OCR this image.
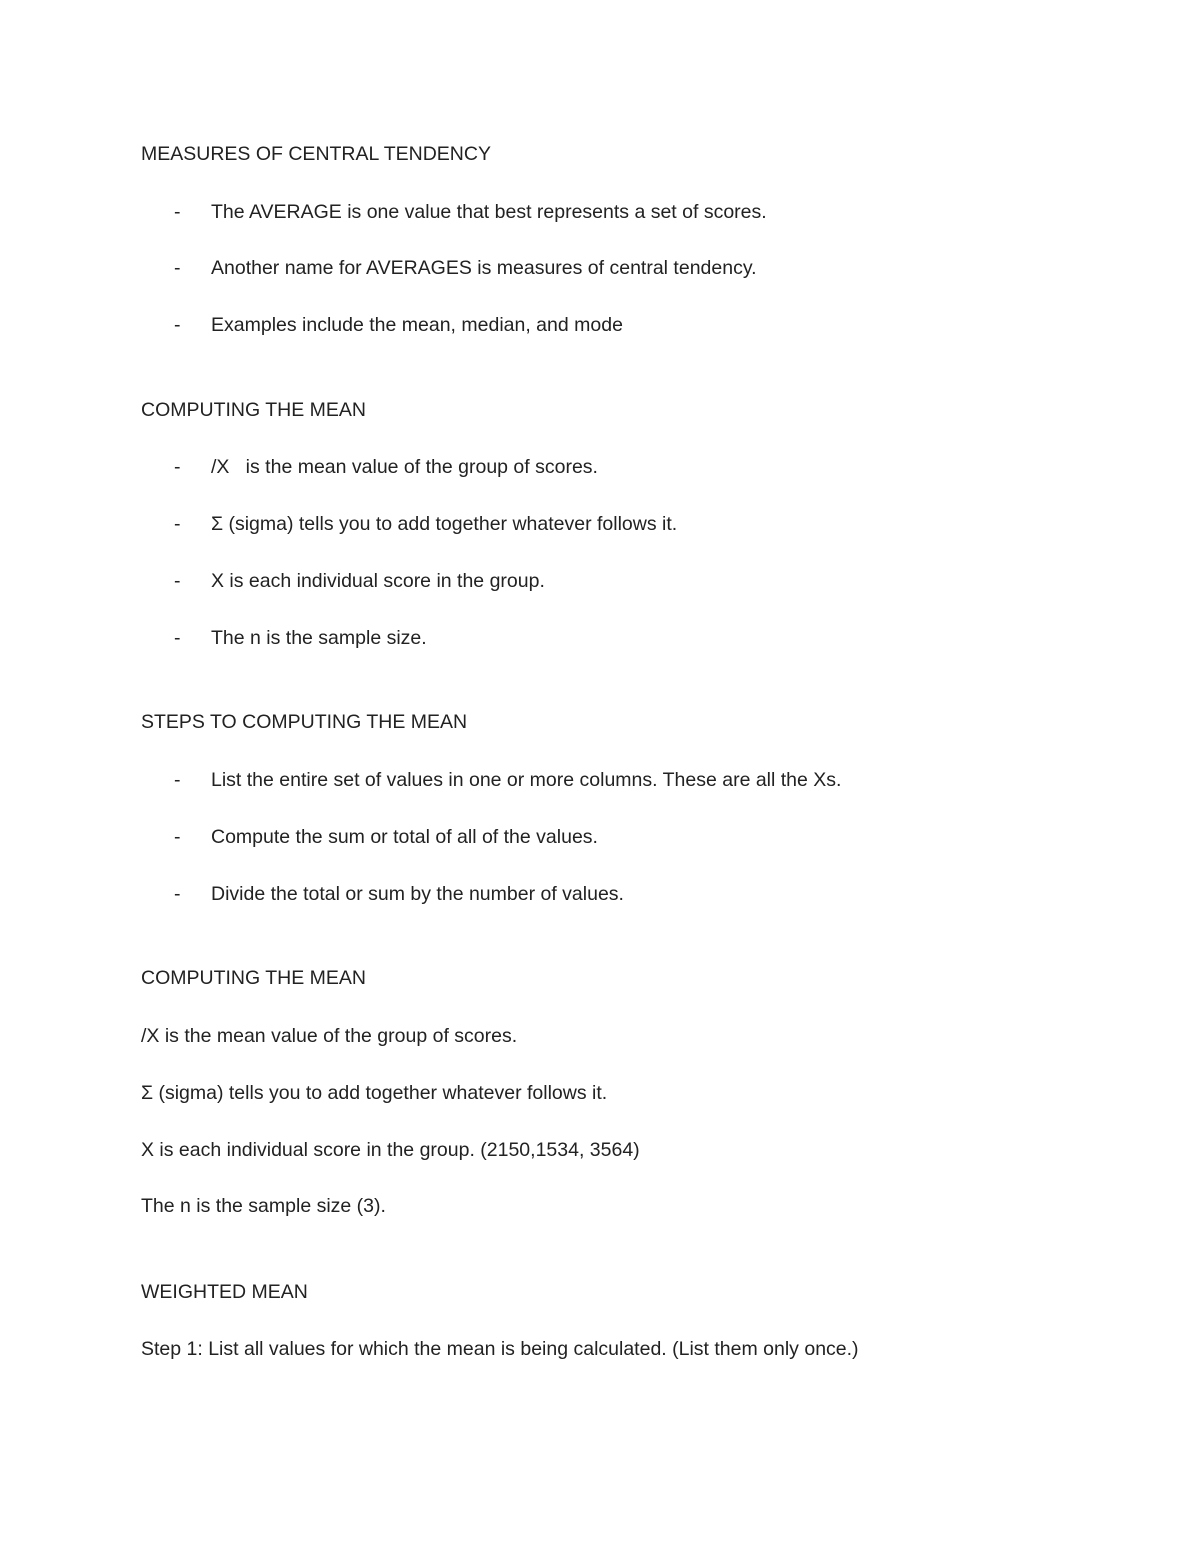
MEASURES OF CENTRAL TENDENCY
- The AVERAGE is one value that best represents a set of scores.
- Another name for AVERAGES is measures of central tendency.
- Examples include the mean, median, and mode
COMPUTING THE MEAN
- /X   is the mean value of the group of scores.
- Σ (sigma) tells you to add together whatever follows it.
- X is each individual score in the group.
- The n is the sample size.
STEPS TO COMPUTING THE MEAN
- List the entire set of values in one or more columns. These are all the Xs.
- Compute the sum or total of all of the values.
- Divide the total or sum by the number of values.
COMPUTING THE MEAN
/X is the mean value of the group of scores.
Σ (sigma) tells you to add together whatever follows it.
X is each individual score in the group. (2150,1534, 3564)
The n is the sample size (3).
WEIGHTED MEAN
Step 1: List all values for which the mean is being calculated. (List them only once.)
